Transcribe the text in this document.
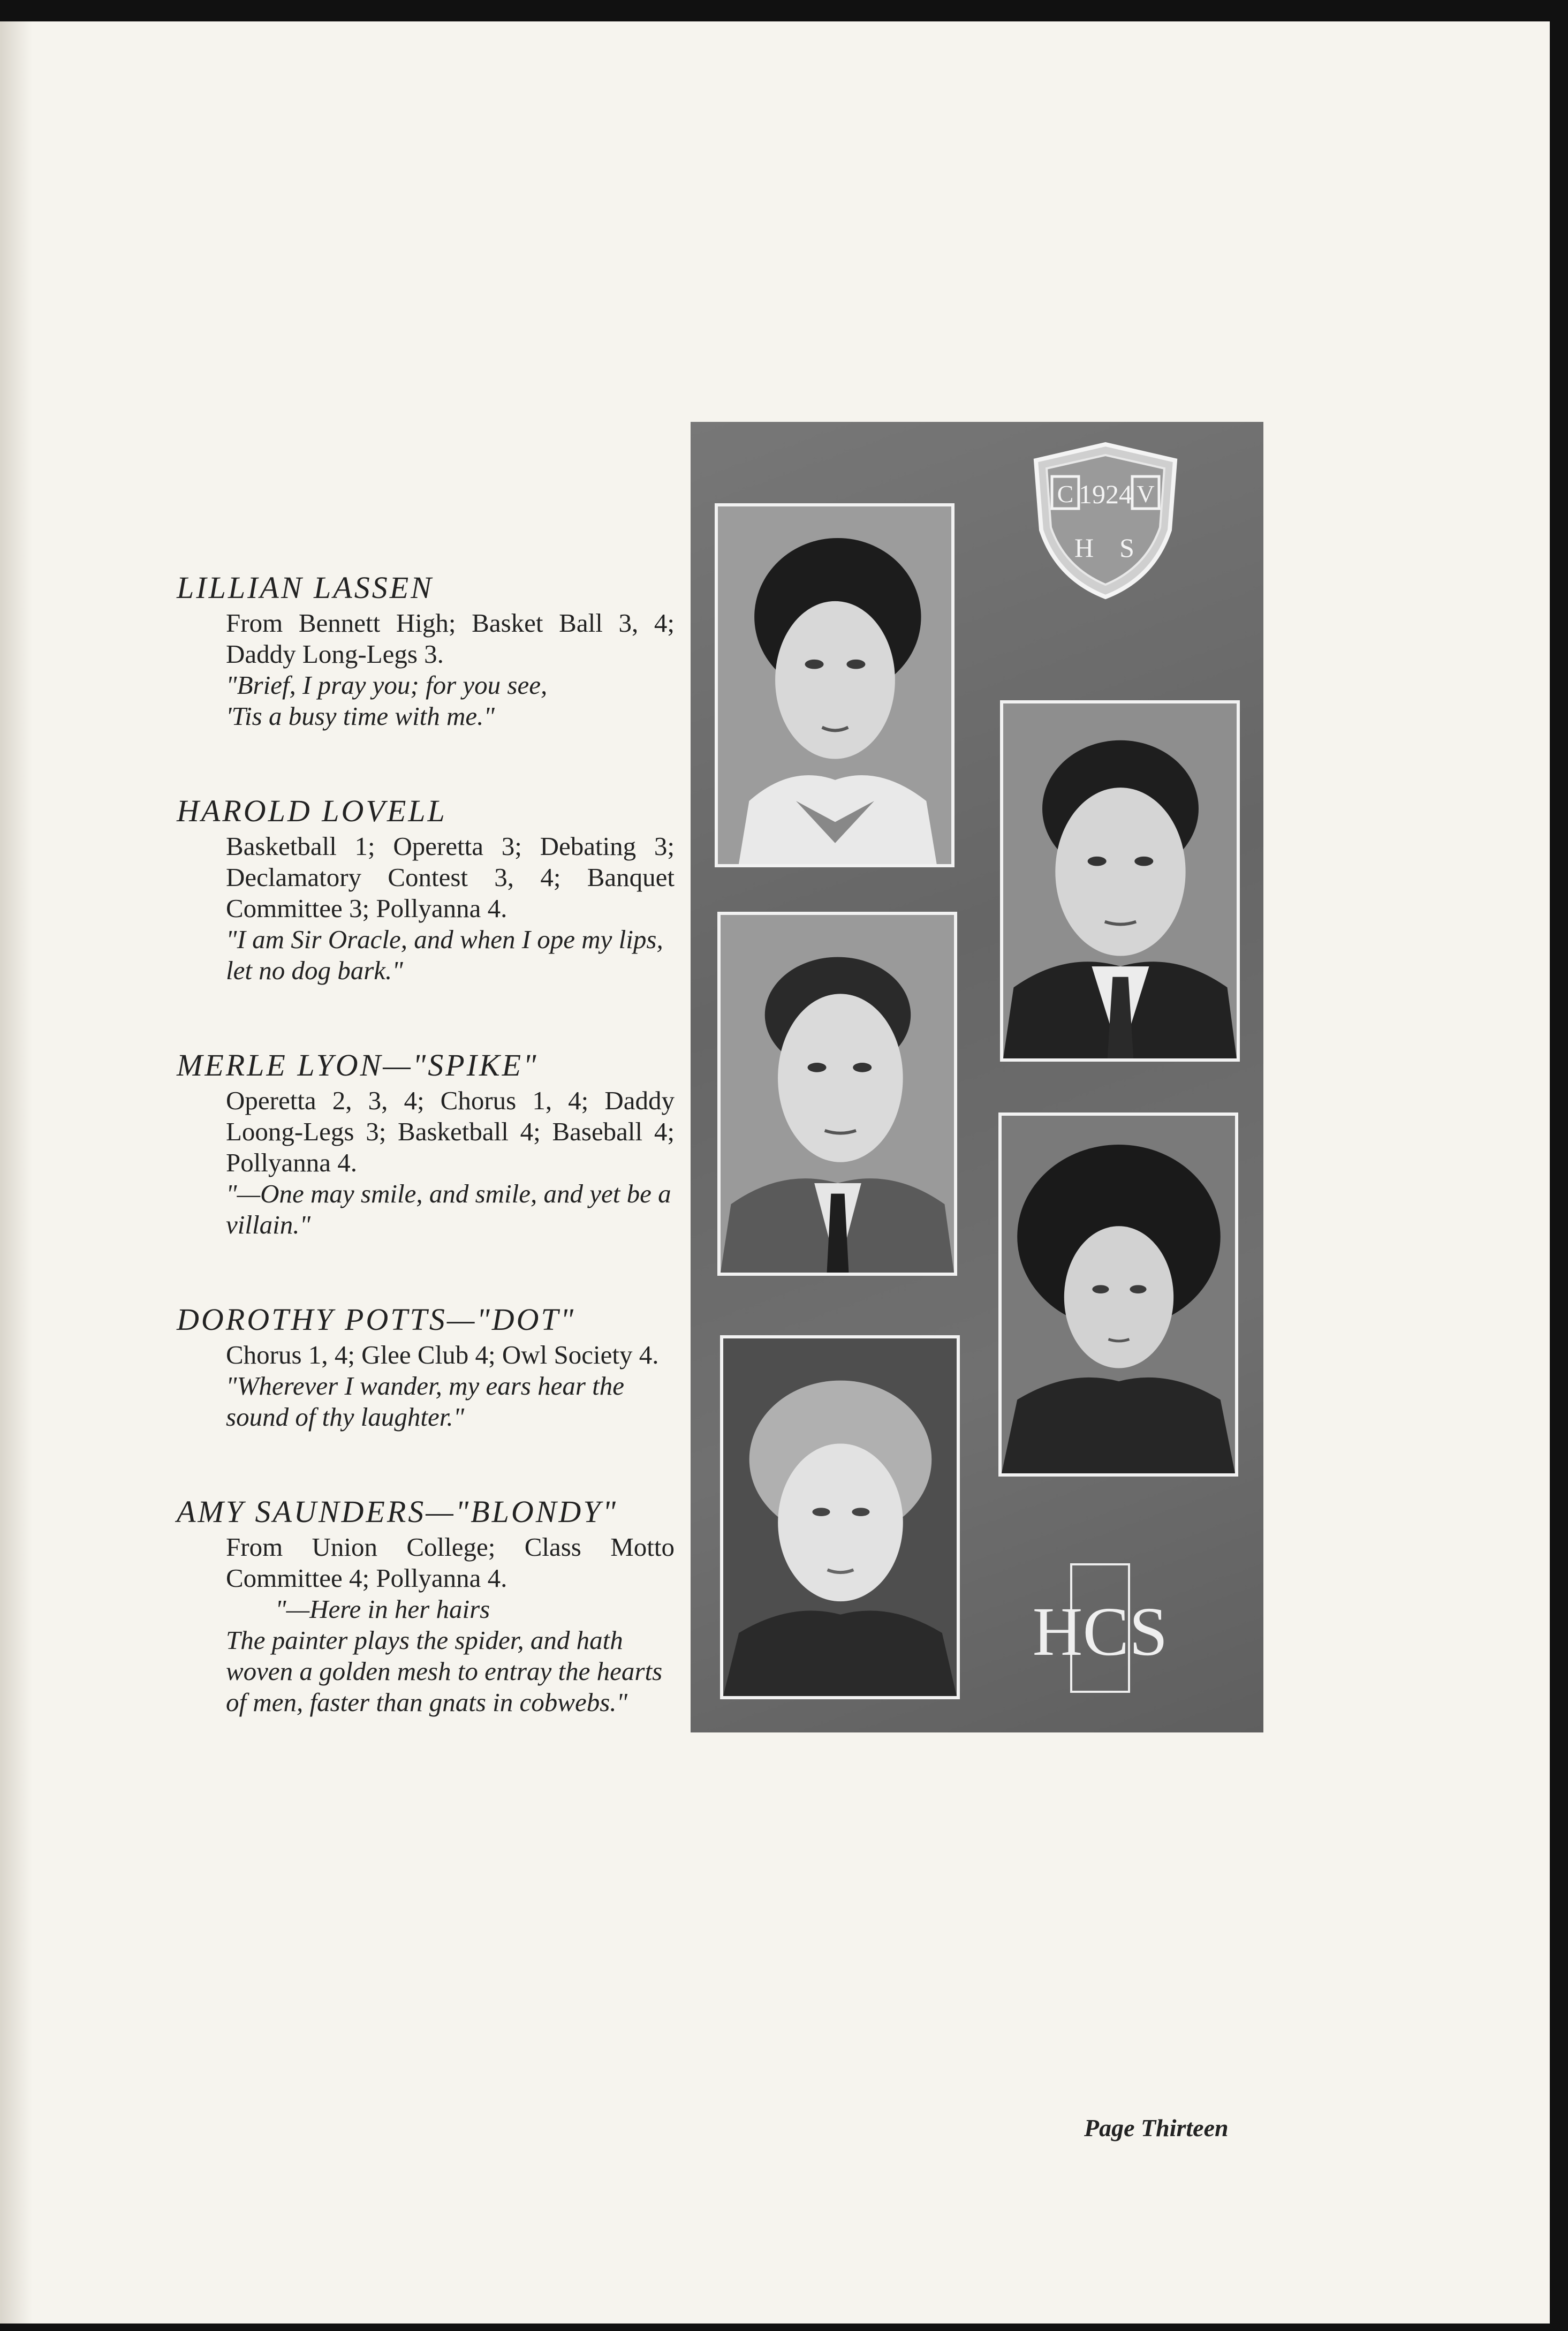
LILLIAN LASSEN
From Bennett High; Basket Ball 3, 4; Daddy Long-Legs 3.
"Brief, I pray you; for you see,
'Tis a busy time with me."
HAROLD LOVELL
Basketball 1; Operetta 3; Debating 3; Declamatory Contest 3, 4; Banquet Committee 3; Pollyanna 4.
"I am Sir Oracle, and when I ope my lips, let no dog bark."
MERLE LYON—"SPIKE"
Operetta 2, 3, 4; Chorus 1, 4; Daddy Loong-Legs 3; Basketball 4; Baseball 4; Pollyanna 4.
"—One may smile, and smile, and yet be a villain."
DOROTHY POTTS—"DOT"
Chorus 1, 4; Glee Club 4; Owl Society 4.
"Wherever I wander, my ears hear the sound of thy laughter."
AMY SAUNDERS—"BLONDY"
From Union College; Class Motto Committee 4; Pollyanna 4.
"—Here in her hairs
The painter plays the spider, and hath woven a golden mesh to entray the hearts of men, faster than gnats in cobwebs."
C 1924 V
H S
HCS
Page Thirteen
